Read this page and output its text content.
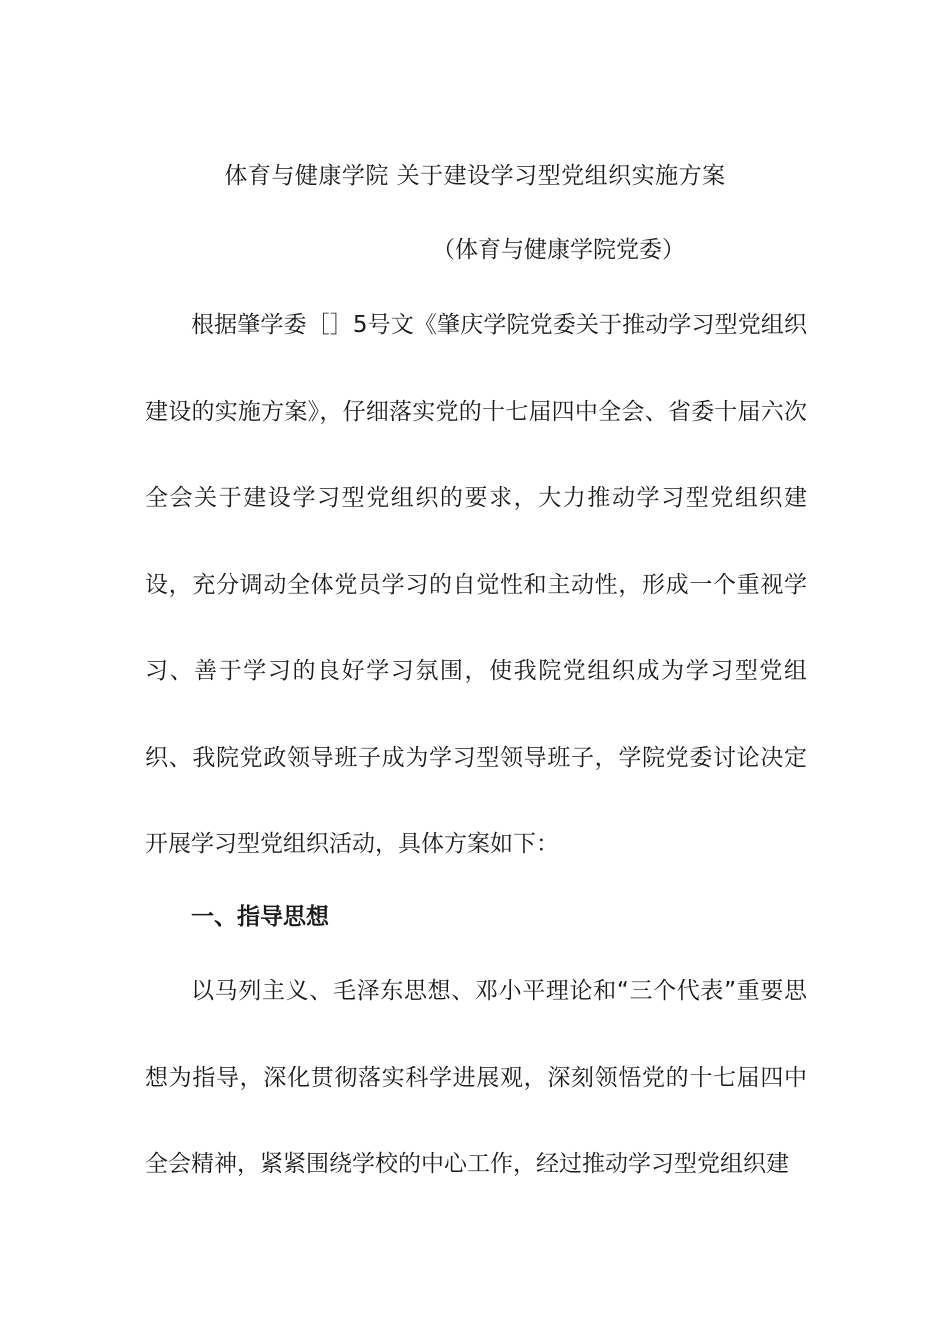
体育与健康学院 关于建设学习型党组织实施方案
（体育与健康学院党委）

根据肇学委［］5号文《肇庆学院党委关于推动学习型党组织建设的实施方案》，仔细落实党的十七届四中全会、省委十届六次全会关于建设学习型党组织的要求，大力推动学习型党组织建设，充分调动全体党员学习的自觉性和主动性，形成一个重视学习、善于学习的良好学习氛围，使我院党组织成为学习型党组织、我院党政领导班子成为学习型领导班子，学院党委讨论决定开展学习型党组织活动，具体方案如下：

一、指导思想

以马列主义、毛泽东思想、邓小平理论和“三个代表”重要思想为指导，深化贯彻落实科学进展观，深刻领悟党的十七届四中全会精神，紧紧围绕学校的中心工作，经过推动学习型党组织建
